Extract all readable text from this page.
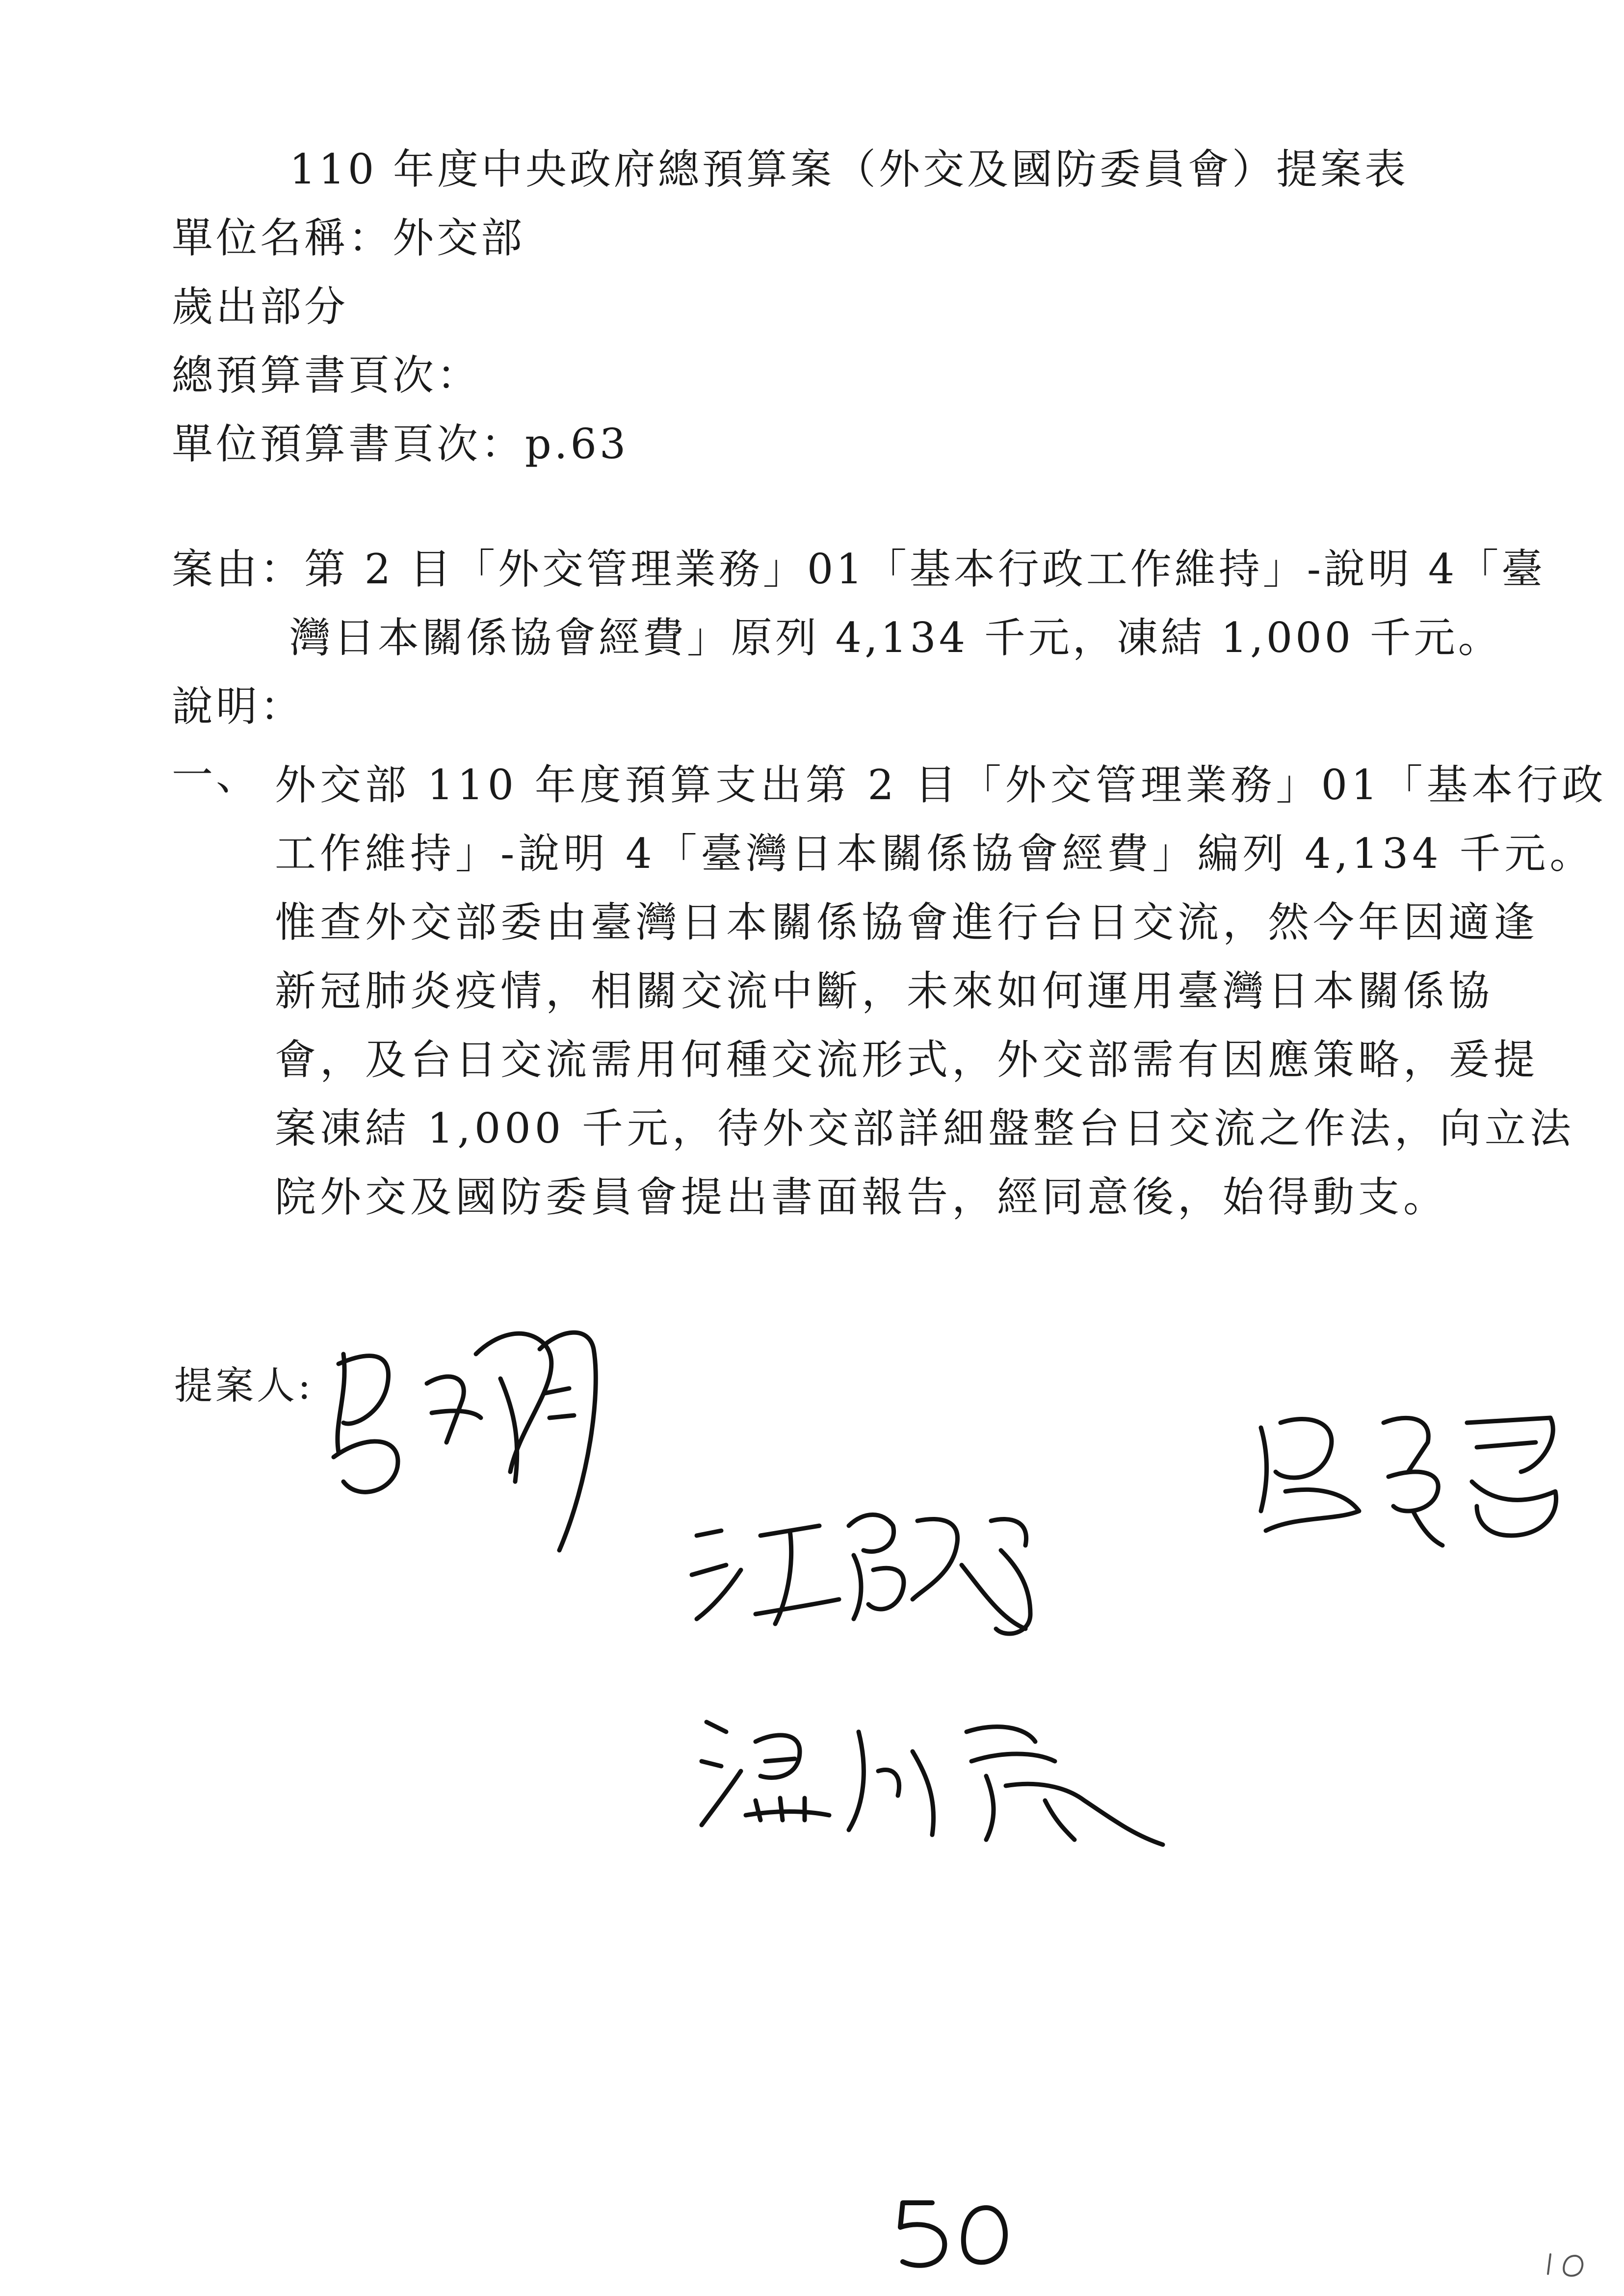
110 年度中央政府總預算案（外交及國防委員會）提案表
單位名稱：外交部
歲出部分
總預算書頁次：
單位預算書頁次：p.63
案由：第 2 目「外交管理業務」01「基本行政工作維持」-說明 4「臺
灣日本關係協會經費」原列 4,134 千元，凍結 1,000 千元。
說明：
一、 外交部 110 年度預算支出第 2 目「外交管理業務」01「基本行政
工作維持」-說明 4「臺灣日本關係協會經費」編列 4,134 千元。
惟查外交部委由臺灣日本關係協會進行台日交流，然今年因適逢
新冠肺炎疫情，相關交流中斷，未來如何運用臺灣日本關係協
會，及台日交流需用何種交流形式，外交部需有因應策略，爰提
案凍結 1,000 千元，待外交部詳細盤整台日交流之作法，向立法
院外交及國防委員會提出書面報告，經同意後，始得動支。
提案人:
